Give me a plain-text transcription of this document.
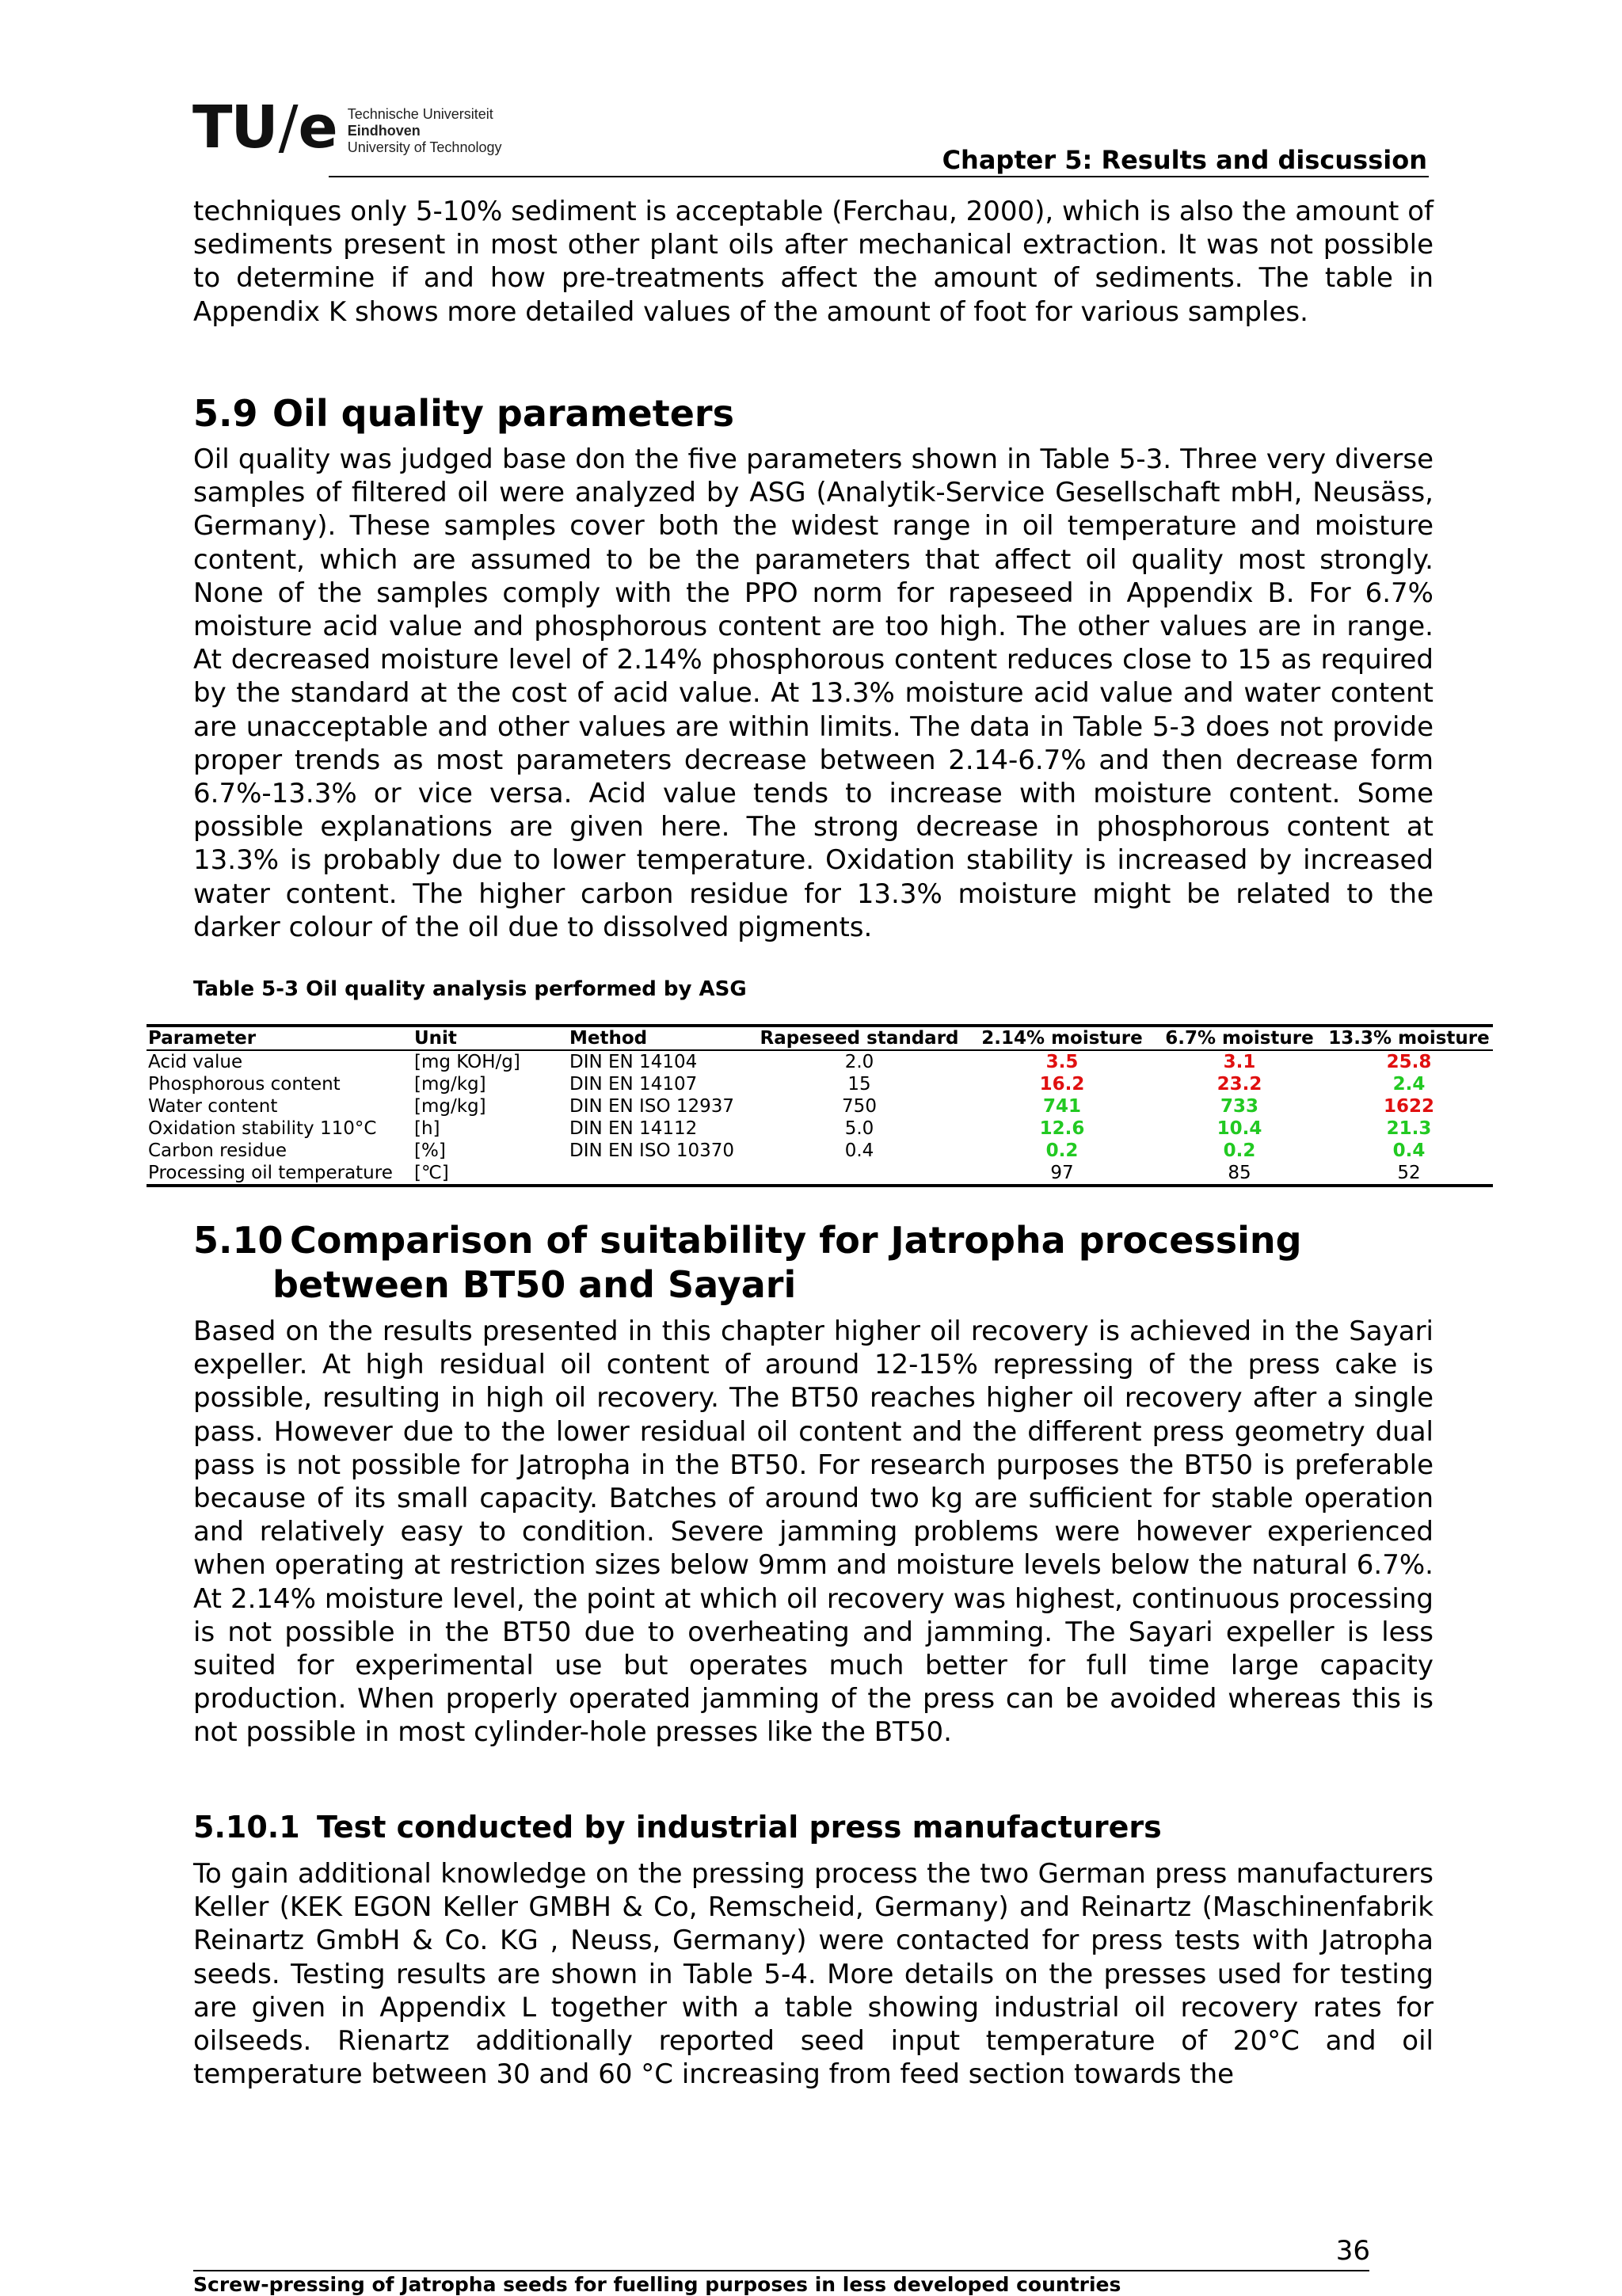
TU/e Technische Universiteit
Eindhoven
University of Technology	Chapter 5: Results and discussion

techniques only 5-10% sediment is acceptable (Ferchau, 2000), which is also the amount of sediments present in most other plant oils after mechanical extraction. It was not possible to determine if and how pre-treatments affect the amount of sediments. The table in Appendix K shows more detailed values of the amount of foot for various samples.

5.9 Oil quality parameters

Oil quality was judged base don the five parameters shown in Table 5-3. Three very diverse samples of filtered oil were analyzed by ASG (Analytik-Service Gesellschaft mbH, Neusäss, Germany). These samples cover both the widest range in oil temperature and moisture content, which are assumed to be the parameters that affect oil quality most strongly. None of the samples comply with the PPO norm for rapeseed in Appendix B. For 6.7% moisture acid value and phosphorous content are too high. The other values are in range. At decreased moisture level of 2.14% phosphorous content reduces close to 15 as required by the standard at the cost of acid value. At 13.3% moisture acid value and water content are unacceptable and other values are within limits. The data in Table 5-3 does not provide proper trends as most parameters decrease between 2.14-6.7% and then decrease form 6.7%-13.3% or vice versa. Acid value tends to increase with moisture content. Some possible explanations are given here. The strong decrease in phosphorous content at 13.3% is probably due to lower temperature. Oxidation stability is increased by increased water content. The higher carbon residue for 13.3% moisture might be related to the darker colour of the oil due to dissolved pigments.

Table 5-3 Oil quality analysis performed by ASG
Parameter	Unit	Method	Rapeseed standard	2.14% moisture	6.7% moisture	13.3% moisture
Acid value	[mg KOH/g]	DIN EN 14104	2.0	3.5	3.1	25.8
Phosphorous content	[mg/kg]	DIN EN 14107	15	16.2	23.2	2.4
Water content	[mg/kg]	DIN EN ISO 12937	750	741	733	1622
Oxidation stability 110°C	[h]	DIN EN 14112	5.0	12.6	10.4	21.3
Carbon residue	[%]	DIN EN ISO 10370	0.4	0.2	0.2	0.4
Processing oil temperature	[℃]			97	85	52
5.10 Comparison of suitability for Jatropha processing
between BT50 and Sayari

Based on the results presented in this chapter higher oil recovery is achieved in the Sayari expeller. At high residual oil content of around 12-15% repressing of the press cake is possible, resulting in high oil recovery. The BT50 reaches higher oil recovery after a single pass. However due to the lower residual oil content and the different press geometry dual pass is not possible for Jatropha in the BT50. For research purposes the BT50 is preferable because of its small capacity. Batches of around two kg are sufficient for stable operation and relatively easy to condition. Severe jamming problems were however experienced when operating at restriction sizes below 9mm and moisture levels below the natural 6.7%. At 2.14% moisture level, the point at which oil recovery was highest, continuous processing is not possible in the BT50 due to overheating and jamming. The Sayari expeller is less suited for experimental use but operates much better for full time large capacity production. When properly operated jamming of the press can be avoided whereas this is not possible in most cylinder-hole presses like the BT50.

5.10.1 Test conducted by industrial press manufacturers

To gain additional knowledge on the pressing process the two German press manufacturers Keller (KEK EGON Keller GMBH & Co, Remscheid, Germany) and Reinartz (Maschinenfabrik Reinartz GmbH & Co. KG , Neuss, Germany) were contacted for press tests with Jatropha seeds. Testing results are shown in Table 5-4. More details on the presses used for testing are given in Appendix L together with a table showing industrial oil recovery rates for oilseeds. Rienartz additionally reported seed input temperature of 20°C and oil temperature between 30 and 60 °C increasing from feed section towards the

36
Screw-pressing of Jatropha seeds for fuelling purposes in less developed countries
